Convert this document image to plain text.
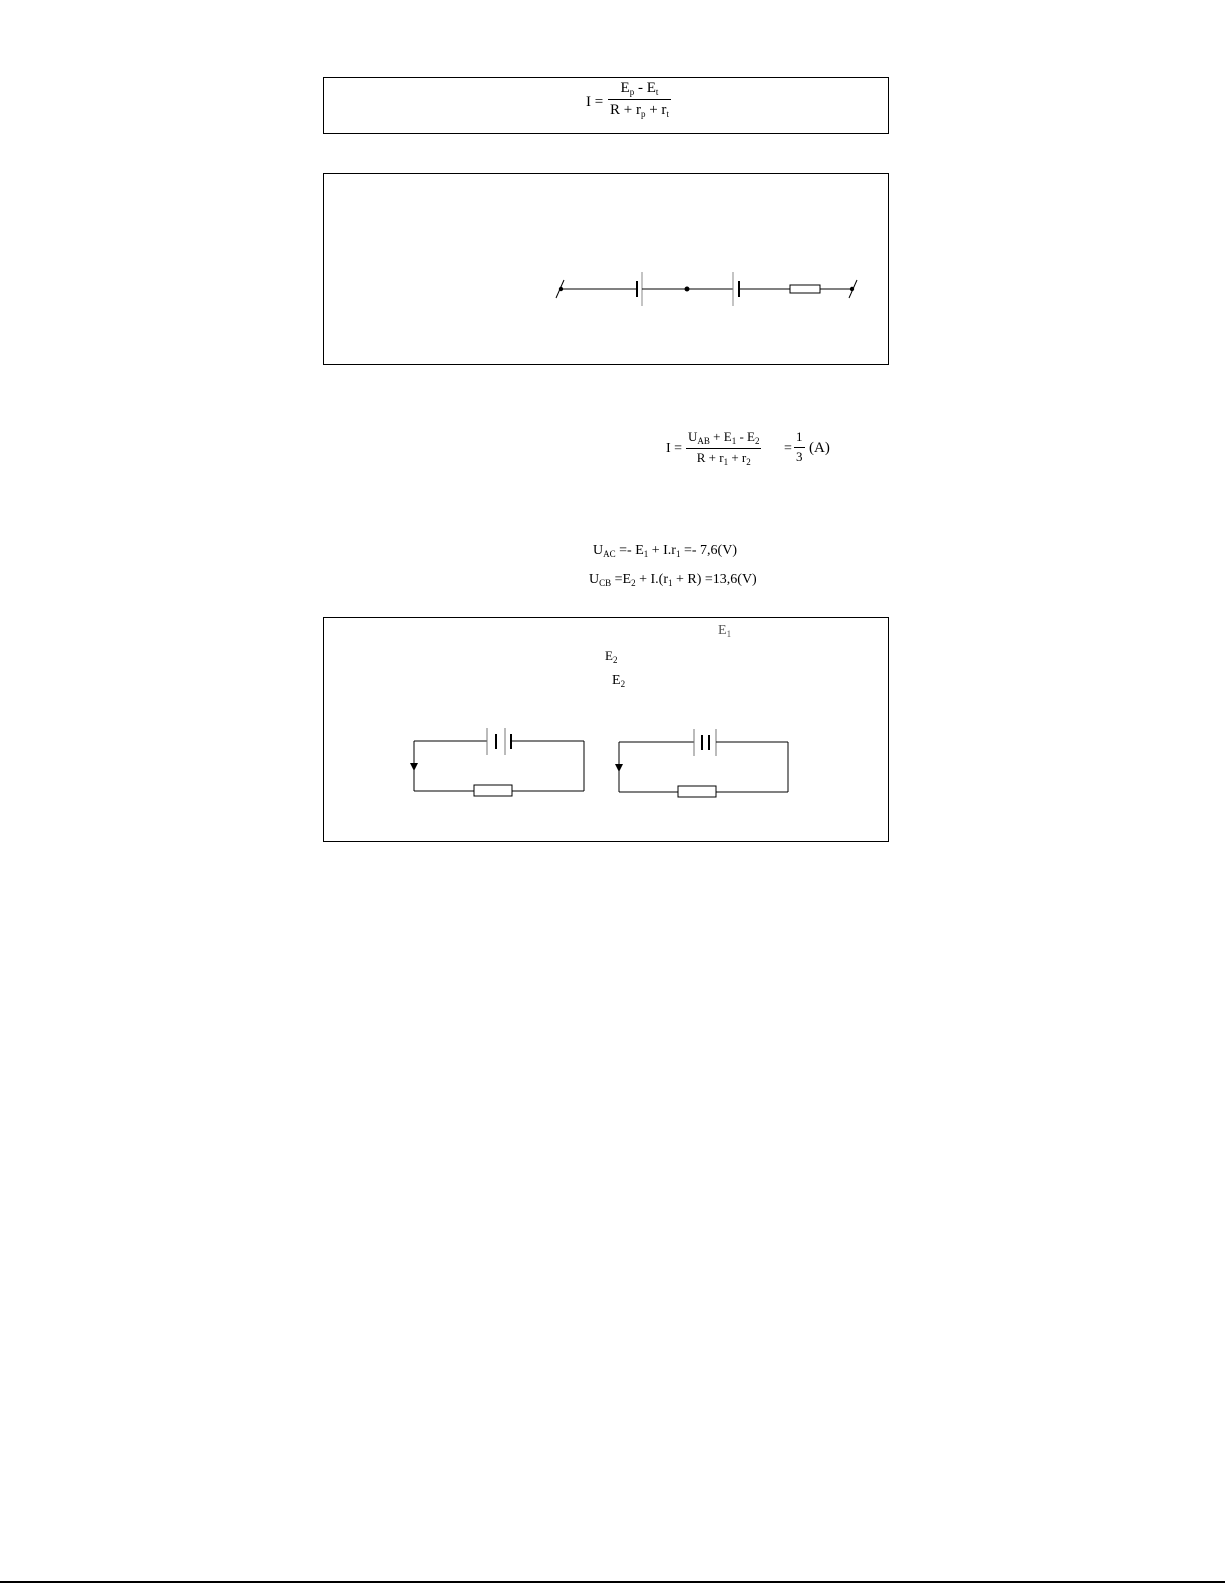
$I = \frac{E_p - E_t}{R + r_p + r_t}$
I =
$U_{AB} + E_1 - E_2$
$R + r_1 + r_2$
= $\frac{1}{3} (A)$
$U_{AC} =- E_1 + I.r_1 =- 7,6(V)$
$U_{CB} =E_2 + I.(r_1 + R) =13,6(V)$
$E_1$
$E_2$
$E_2$
